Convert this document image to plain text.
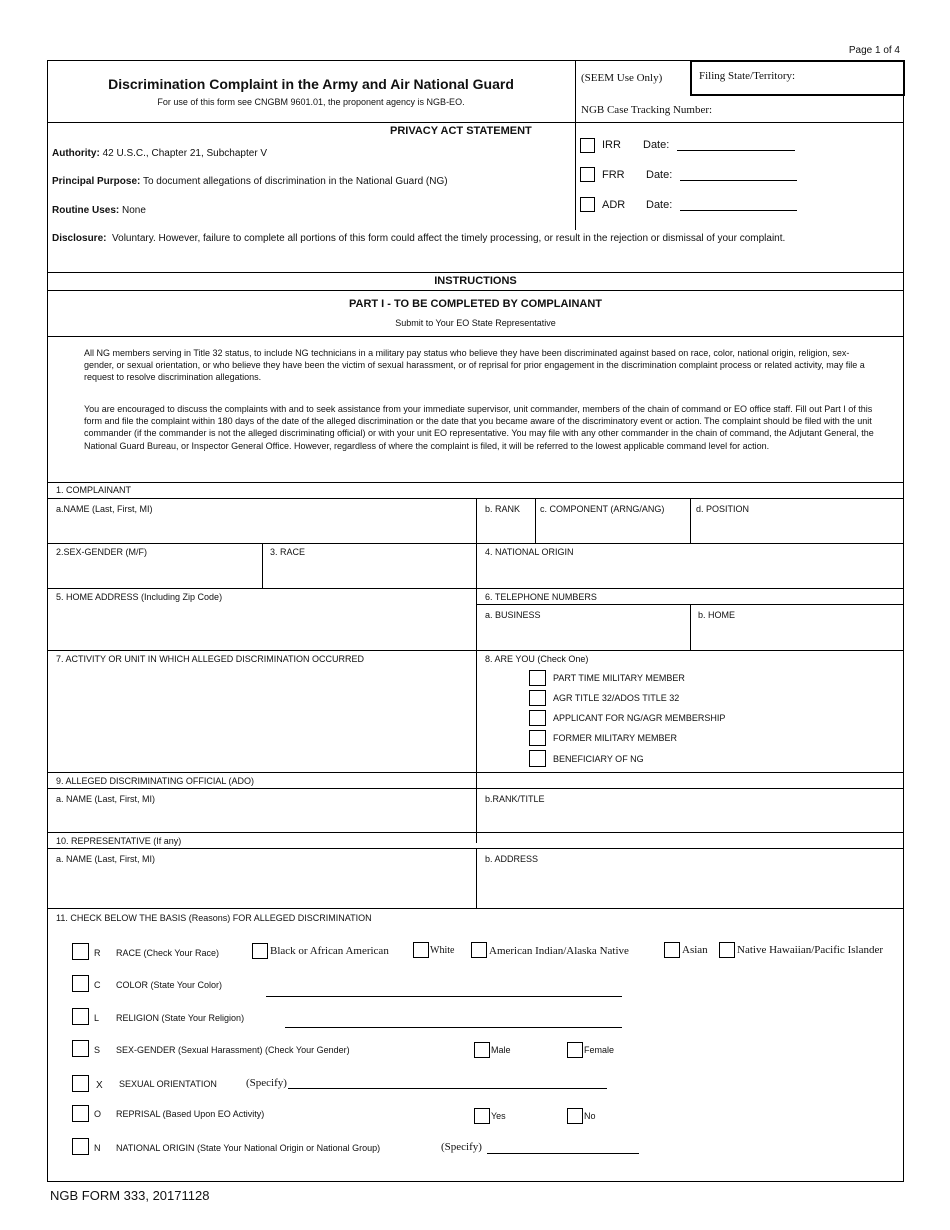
Page 1 of 4
Discrimination Complaint in the Army and Air National Guard
For use of this form see CNGBM 9601.01, the proponent agency is NGB-EO.
(SEEM Use Only)	Filing State/Territory:
NGB Case Tracking Number:
PRIVACY ACT STATEMENT
Authority: 42 U.S.C., Chapter 21, Subchapter V
Principal Purpose: To document allegations of discrimination in the National Guard (NG)
Routine Uses: None
Disclosure: Voluntary. However, failure to complete all portions of this form could affect the timely processing, or result in the rejection or dismissal of your complaint.
IRR Date:
FRR Date:
ADR Date:
INSTRUCTIONS
PART I - TO BE COMPLETED BY COMPLAINANT
Submit to Your EO State Representative
All NG members serving in Title 32 status, to include NG technicians in a military pay status who believe they have been discriminated against based on race, color, national origin, religion, sex-gender, or sexual orientation, or who believe they have been the victim of sexual harassment, or of reprisal for prior engagement in the discrimination complaint process or related activity, may file a request to resolve discrimination allegations.
You are encouraged to discuss the complaints with and to seek assistance from your immediate supervisor, unit commander, members of the chain of command or EO office staff. Fill out Part I of this form and file the complaint within 180 days of the date of the alleged discrimination or the date that you became aware of the discriminatory event or action. The complaint should be filed with the unit commander (if the commander is not the alleged discriminating official) or with your unit EO representative. You may file with any other commander in the chain of command, the Adjutant General, the National Guard Bureau, or Inspector General Office. However, regardless of where the complaint is filed, it will be referred to the lowest applicable command level for action.
1. COMPLAINANT
a.NAME (Last, First, MI)	b. RANK c. COMPONENT (ARNG/ANG)	d. POSITION
2.SEX-GENDER (M/F)	3. RACE	4. NATIONAL ORIGIN
5. HOME ADDRESS (Including Zip Code)	6. TELEPHONE NUMBERS
a. BUSINESS	b. HOME
7. ACTIVITY OR UNIT IN WHICH ALLEGED DISCRIMINATION OCCURRED	8. ARE YOU (Check One)
PART TIME MILITARY MEMBER
AGR TITLE 32/ADOS TITLE 32
APPLICANT FOR NG/AGR MEMBERSHIP
FORMER MILITARY MEMBER
BENEFICIARY OF NG
9. ALLEGED DISCRIMINATING OFFICIAL (ADO)
a. NAME (Last, First, MI)	b.RANK/TITLE
10. REPRESENTATIVE (If any)
a. NAME (Last, First, MI)	b. ADDRESS
11. CHECK BELOW THE BASIS (Reasons) FOR ALLEGED DISCRIMINATION
R RACE (Check Your Race)	Black or African American	White	American Indian/Alaska Native	Asian	Native Hawaiian/Pacific Islander
C COLOR (State Your Color)
L RELIGION (State Your Religion)
S SEX-GENDER (Sexual Harassment) (Check Your Gender)	Male	Female
X SEXUAL ORIENTATION	(Specify)
O REPRISAL (Based Upon EO Activity)	Yes	No
N NATIONAL ORIGIN (State Your National Origin or National Group)	(Specify)
NGB FORM 333, 20171128
